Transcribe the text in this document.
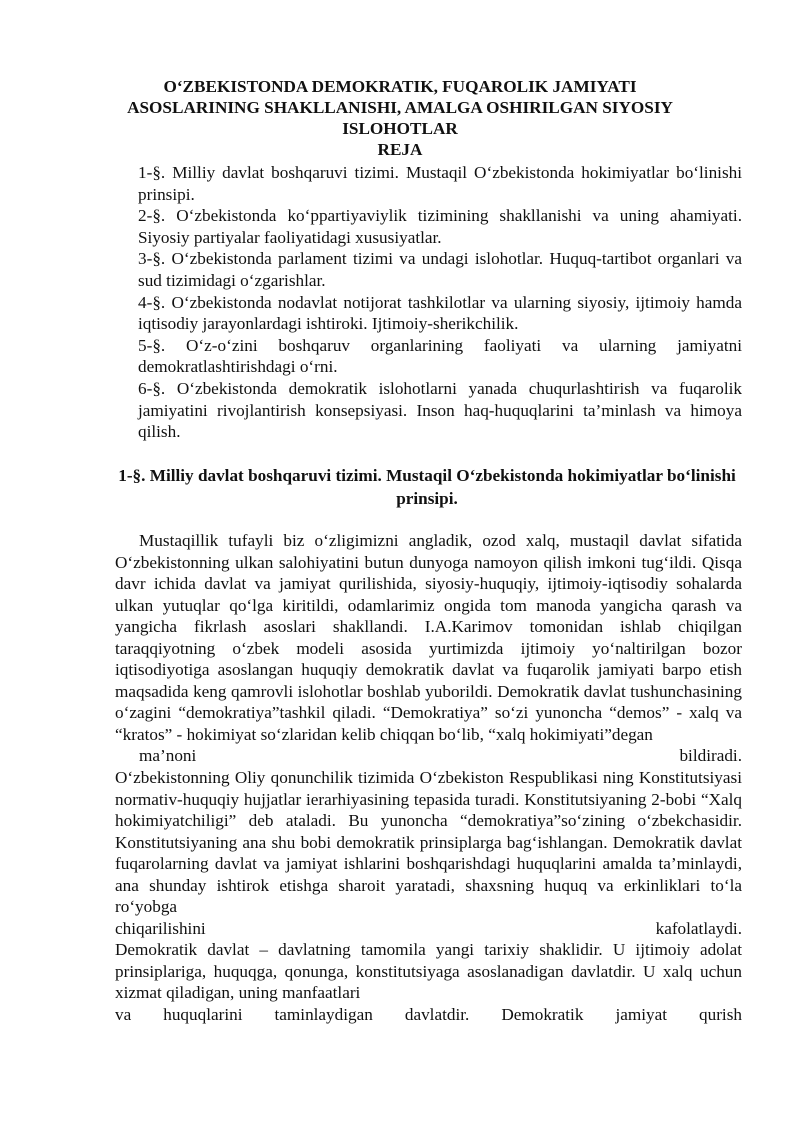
O‘ZBEKISTONDA DEMOKRATIK, FUQAROLIK JAMIYATI
ASOSLARINING SHAKLLANISHI, AMALGA OSHIRILGAN SIYOSIY
ISLOHOTLAR
REJA

1-§. Milliy davlat boshqaruvi tizimi. Mustaqil O‘zbekistonda hokimiyatlar bo‘linishi prinsipi.

2-§. O‘zbekistonda ko‘ppartiyaviylik tizimining shakllanishi va uning ahamiyati. Siyosiy partiyalar faoliyatidagi xususiyatlar.

3-§. O‘zbekistonda parlament tizimi va undagi islohotlar. Huquq-tartibot organlari va sud tizimidagi o‘zgarishlar.

4-§. O‘zbekistonda nodavlat notijorat tashkilotlar va ularning siyosiy, ijtimoiy hamda iqtisodiy jarayonlardagi ishtiroki. Ijtimoiy-sherikchilik.

5-§. O‘z-o‘zini boshqaruv organlarining faoliyati va ularning jamiyatni demokratlashtirishdagi o‘rni.

6-§. O‘zbekistonda demokratik islohotlarni yanada chuqurlashtirish va fuqarolik jamiyatini rivojlantirish konsepsiyasi. Inson haq-huquqlarini ta’minlash va himoya qilish.

1-§. Milliy davlat boshqaruvi tizimi. Mustaqil O‘zbekistonda hokimiyatlar bo‘linishi prinsipi.

Mustaqillik tufayli biz o‘zligimizni angladik, ozod xalq, mustaqil davlat sifatida O‘zbekistonning ulkan salohiyatini butun dunyoga namoyon qilish imkoni tug‘ildi. Qisqa davr ichida davlat va jamiyat qurilishida, siyosiy-huquqiy, ijtimoiy-iqtisodiy sohalarda ulkan yutuqlar qo‘lga kiritildi, odamlarimiz ongida tom manoda yangicha qarash va yangicha fikrlash asoslari shakllandi. I.A.Karimov tomonidan ishlab chiqilgan taraqqiyotning o‘zbek modeli asosida yurtimizda ijtimoiy yo‘naltirilgan bozor iqtisodiyotiga asoslangan huquqiy demokratik davlat va fuqarolik jamiyati barpo etish maqsadida keng qamrovli islohotlar boshlab yuborildi. Demokratik davlat tushunchasining o‘zagini “demokratiya”tashkil qiladi. “Demokratiya” so‘zi yunoncha “demos” - xalq va “kratos” - hokimiyat so‘zlaridan kelib chiqqan bo‘lib, “xalq hokimiyati”degan
ma’noni bildiradi.

O‘zbekistonning Oliy qonunchilik tizimida O‘zbekiston Respublikasi ning Konstitutsiyasi normativ-huquqiy hujjatlar ierarhiyasining tepasida turadi. Konstitutsiyaning 2-bobi “Xalq hokimiyatchiligi” deb ataladi. Bu yunoncha “demokratiya”so‘zining o‘zbekchasidir. Konstitutsiyaning ana shu bobi demokratik prinsiplarga bag‘ishlangan. Demokratik davlat fuqarolarning davlat va jamiyat ishlarini boshqarishdagi huquqlarini amalda ta’minlaydi, ana shunday ishtirok etishga sharoit yaratadi, shaxsning huquq va erkinliklari to‘la ro‘yobga
chiqarilishini kafolatlaydi.

Demokratik davlat – davlatning tamomila yangi tarixiy shaklidir. U ijtimoiy adolat prinsiplariga, huquqga, qonunga, konstitutsiyaga asoslanadigan davlatdir. U xalq uchun xizmat qiladigan, uning manfaatlari
va huquqlarini taminlaydigan davlatdir. Demokratik jamiyat qurish
